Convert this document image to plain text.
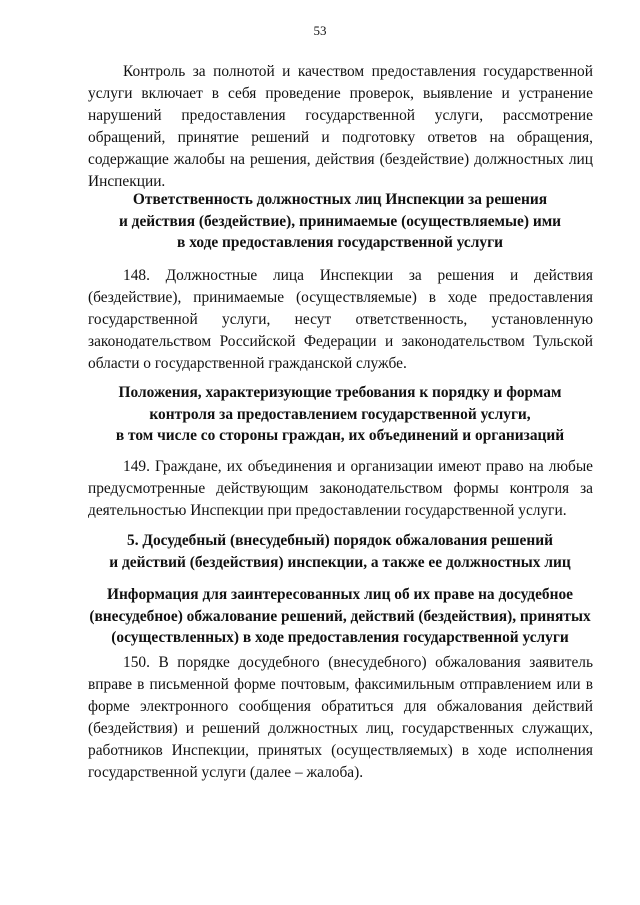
53

Контроль за полнотой и качеством предоставления государственной услуги включает в себя проведение проверок, выявление и устранение нарушений предоставления государственной услуги, рассмотрение обращений, принятие решений и подготовку ответов на обращения, содержащие жалобы на решения, действия (бездействие) должностных лиц Инспекции.

Ответственность должностных лиц Инспекции за решения
и действия (бездействие), принимаемые (осуществляемые) ими
в ходе предоставления государственной услуги

148. Должностные лица Инспекции за решения и действия (бездействие), принимаемые (осуществляемые) в ходе предоставления государственной услуги, несут ответственность, установленную законодательством Российской Федерации и законодательством Тульской области о государственной гражданской службе.

Положения, характеризующие требования к порядку и формам
контроля за предоставлением государственной услуги,
в том числе со стороны граждан, их объединений и организаций

149. Граждане, их объединения и организации имеют право на любые предусмотренные действующим законодательством формы контроля за деятельностью Инспекции при предоставлении государственной услуги.

5. Досудебный (внесудебный) порядок обжалования решений
и действий (бездействия) инспекции, а также ее должностных лиц
Информация для заинтересованных лиц об их праве на досудебное
(внесудебное) обжалование решений, действий (бездействия), принятых
(осуществленных) в ходе предоставления государственной услуги

150. В порядке досудебного (внесудебного) обжалования заявитель вправе в письменной форме почтовым, факсимильным отправлением или в форме электронного сообщения обратиться для обжалования действий (бездействия) и решений должностных лиц, государственных служащих, работников Инспекции, принятых (осуществляемых) в ходе исполнения государственной услуги (далее – жалоба).
